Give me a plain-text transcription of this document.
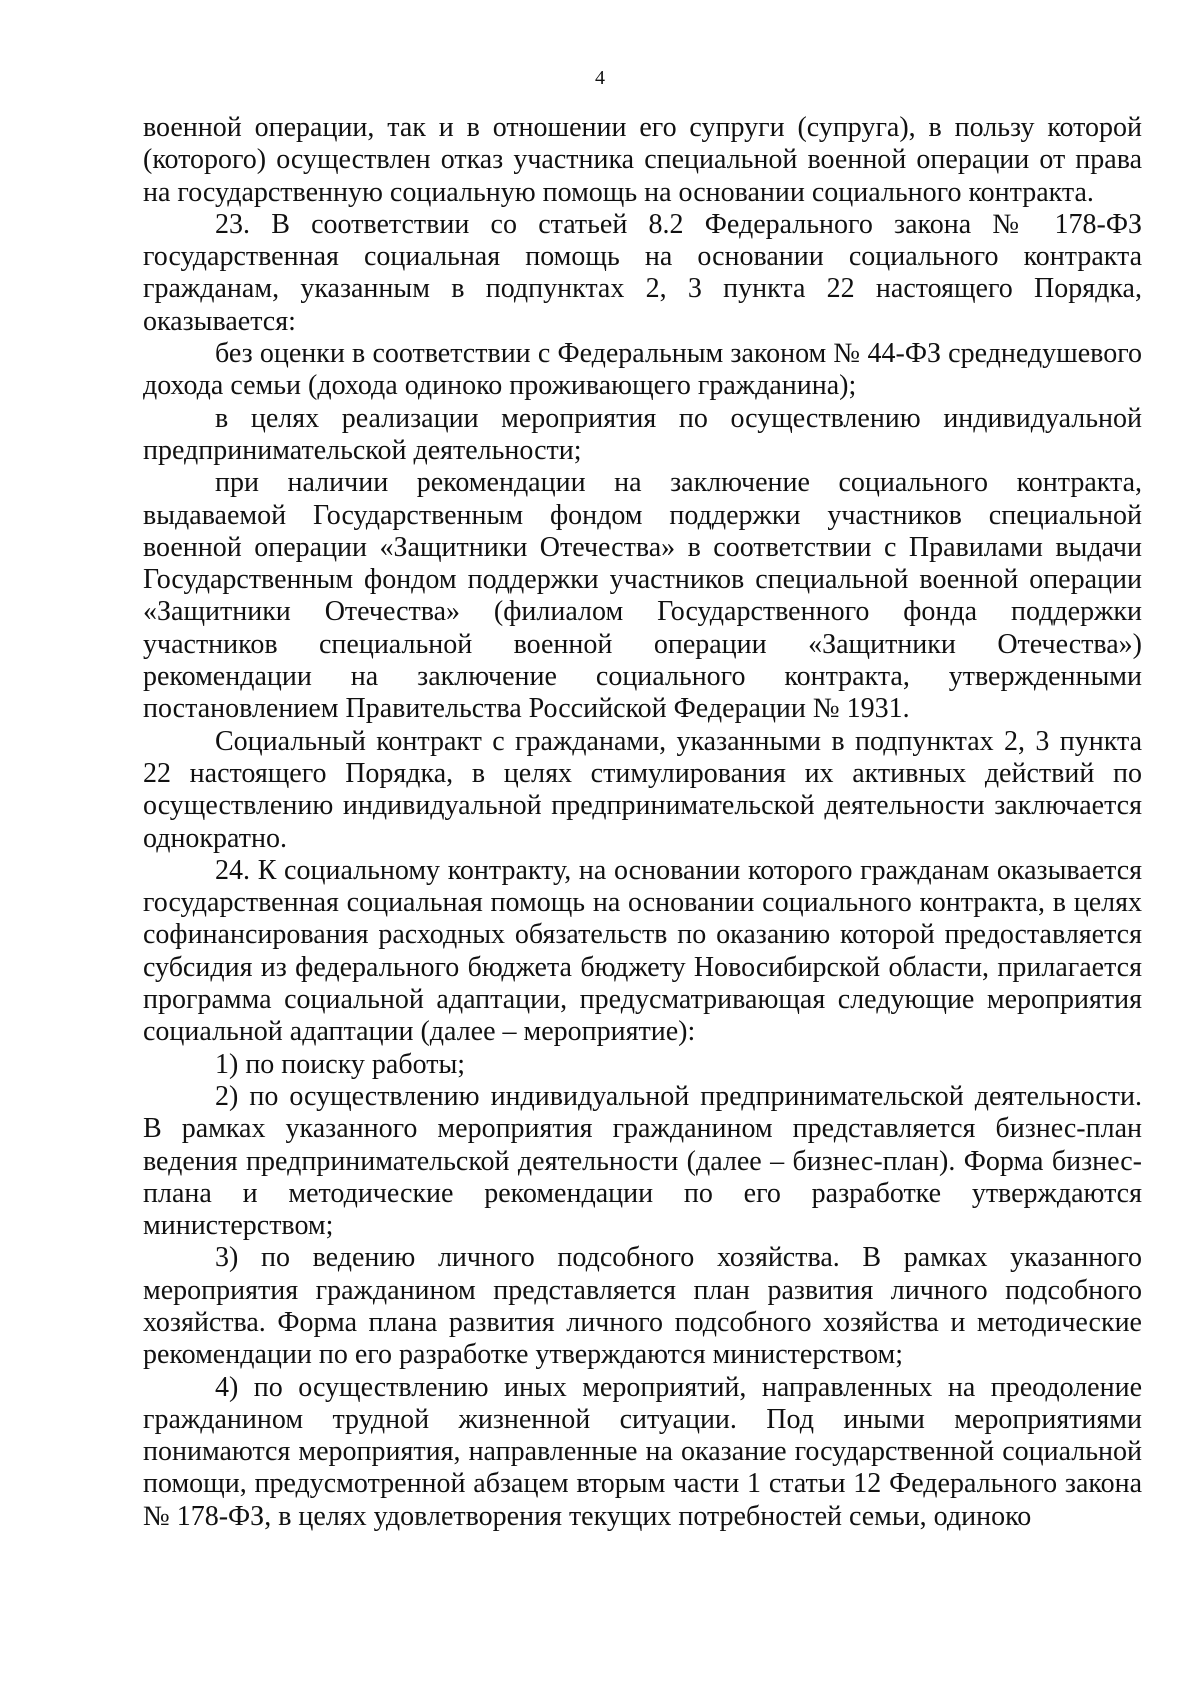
4

военной операции, так и в отношении его супруги (супруга), в пользу которой (которого) осуществлен отказ участника специальной военной операции от права на государственную социальную помощь на основании социального контракта.

23. В соответствии со статьей 8.2 Федерального закона № 178-ФЗ государственная социальная помощь на основании социального контракта гражданам, указанным в подпунктах 2, 3 пункта 22 настоящего Порядка, оказывается:

без оценки в соответствии с Федеральным законом № 44-ФЗ среднедушевого дохода семьи (дохода одиноко проживающего гражданина);

в целях реализации мероприятия по осуществлению индивидуальной предпринимательской деятельности;

при наличии рекомендации на заключение социального контракта, выдаваемой Государственным фондом поддержки участников специальной военной операции «Защитники Отечества» в соответствии с Правилами выдачи Государственным фондом поддержки участников специальной военной операции «Защитники Отечества» (филиалом Государственного фонда поддержки участников специальной военной операции «Защитники Отечества») рекомендации на заключение социального контракта, утвержденными постановлением Правительства Российской Федерации № 1931.

Социальный контракт с гражданами, указанными в подпунктах 2, 3 пункта 22 настоящего Порядка, в целях стимулирования их активных действий по осуществлению индивидуальной предпринимательской деятельности заключается однократно.

24. К социальному контракту, на основании которого гражданам оказывается государственная социальная помощь на основании социального контракта, в целях софинансирования расходных обязательств по оказанию которой предоставляется субсидия из федерального бюджета бюджету Новосибирской области, прилагается программа социальной адаптации, предусматривающая следующие мероприятия социальной адаптации (далее – мероприятие):

1) по поиску работы;

2) по осуществлению индивидуальной предпринимательской деятельности. В рамках указанного мероприятия гражданином представляется бизнес-план ведения предпринимательской деятельности (далее – бизнес-план). Форма бизнес-плана и методические рекомендации по его разработке утверждаются министерством;

3) по ведению личного подсобного хозяйства. В рамках указанного мероприятия гражданином представляется план развития личного подсобного хозяйства. Форма плана развития личного подсобного хозяйства и методические рекомендации по его разработке утверждаются министерством;

4) по осуществлению иных мероприятий, направленных на преодоление гражданином трудной жизненной ситуации. Под иными мероприятиями понимаются мероприятия, направленные на оказание государственной социальной помощи, предусмотренной абзацем вторым части 1 статьи 12 Федерального закона № 178-ФЗ, в целях удовлетворения текущих потребностей семьи, одиноко
